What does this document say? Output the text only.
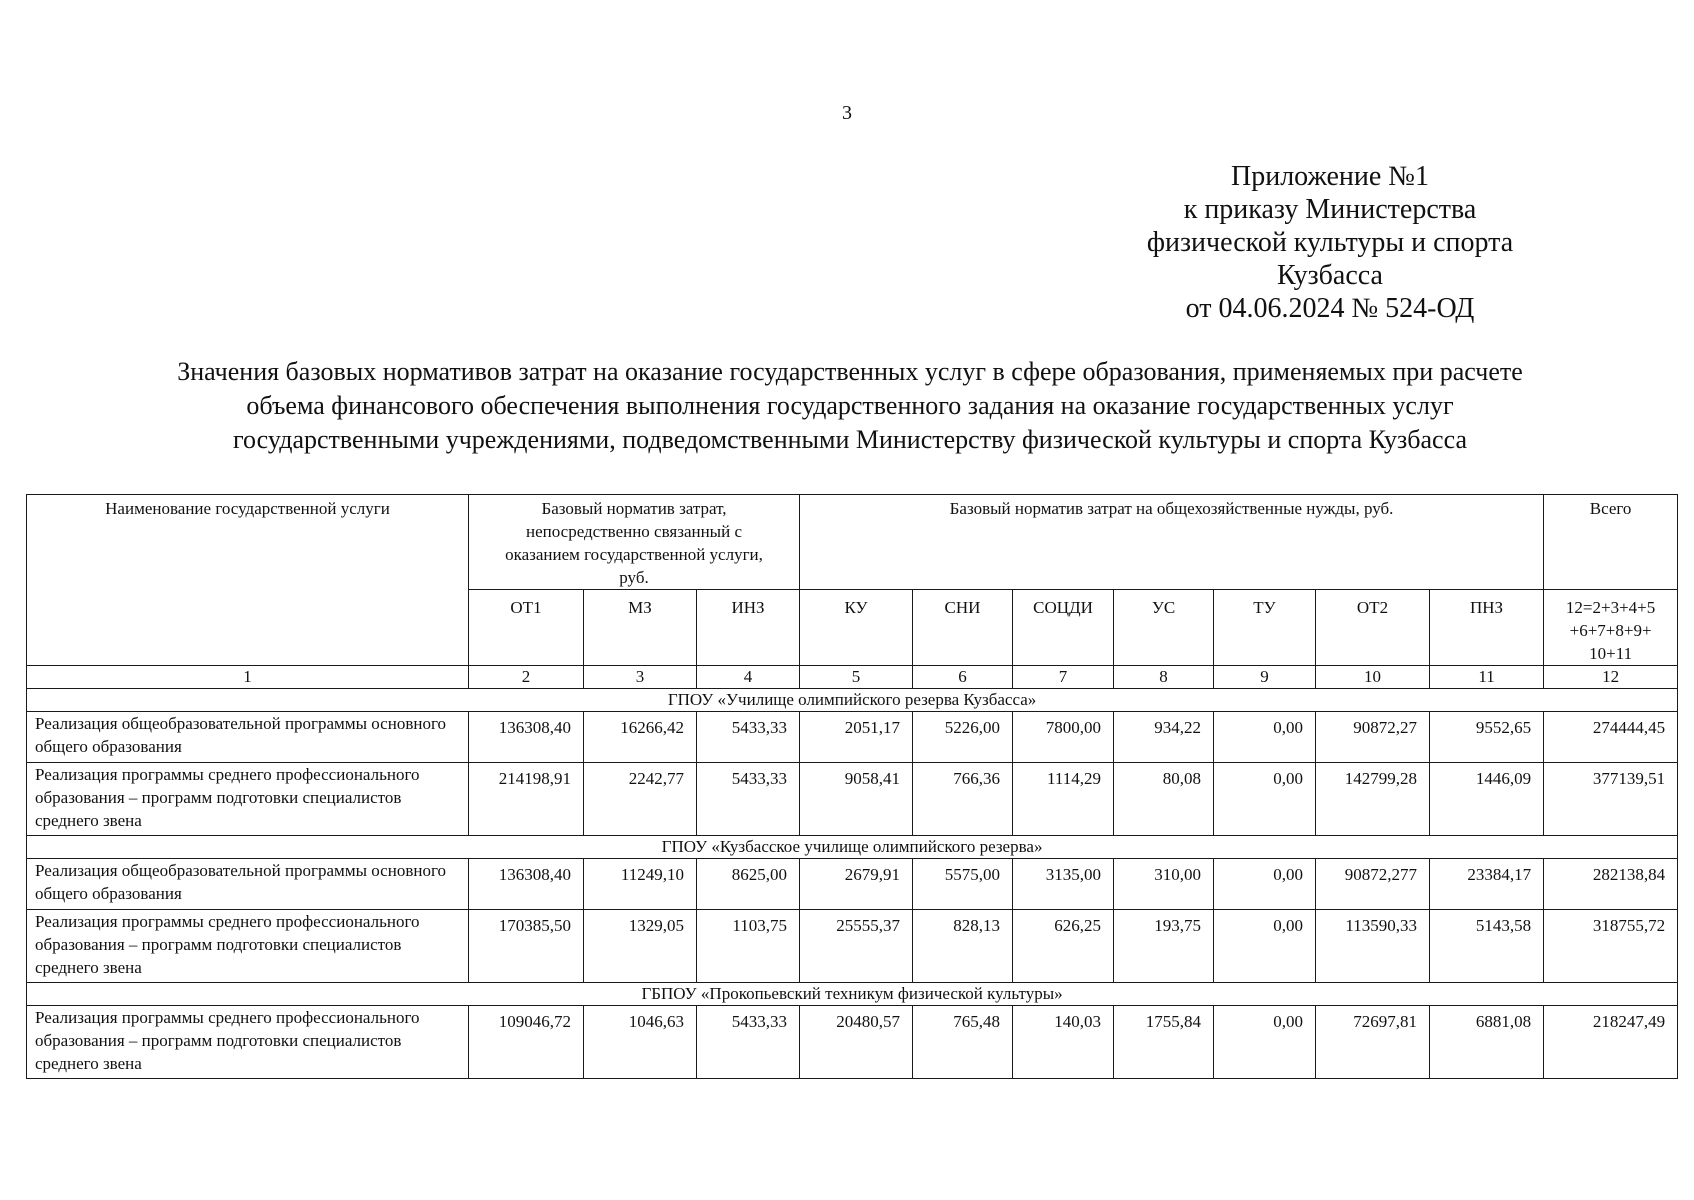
3
Приложение №1
к приказу Министерства
физической культуры и спорта
Кузбасса
от 04.06.2024 № 524-ОД
Значения базовых нормативов затрат на оказание государственных услуг в сфере образования, применяемых при расчете
объема финансового обеспечения выполнения государственного задания на оказание государственных услуг
государственными учреждениями, подведомственными Министерству физической культуры и спорта Кузбасса
Наименование государственной услуги	Базовый норматив затрат, непосредственно связанный с оказанием государственной услуги, руб.			Базовый норматив затрат на общехозяйственные нужды, руб.							Всего
	ОТ1	МЗ	ИНЗ	КУ	СНИ	СОЦДИ	УС	ТУ	ОТ2	ПНЗ	12=2+3+4+5 +6+7+8+9+ 10+11
1	2	3	4	5	6	7	8	9	10	11	12
ГПОУ «Училище олимпийского резерва Кузбасса»											
Реализация общеобразовательной программы основного общего образования	136308,40	16266,42	5433,33	2051,17	5226,00	7800,00	934,22	0,00	90872,27	9552,65	274444,45
Реализация программы среднего профессионального образования – программ подготовки специалистов среднего звена	214198,91	2242,77	5433,33	9058,41	766,36	1114,29	80,08	0,00	142799,28	1446,09	377139,51
ГПОУ «Кузбасское училище олимпийского резерва»											
Реализация общеобразовательной программы основного общего образования	136308,40	11249,10	8625,00	2679,91	5575,00	3135,00	310,00	0,00	90872,277	23384,17	282138,84
Реализация программы среднего профессионального образования – программ подготовки специалистов среднего звена	170385,50	1329,05	1103,75	25555,37	828,13	626,25	193,75	0,00	113590,33	5143,58	318755,72
ГБПОУ «Прокопьевский техникум физической культуры»											
Реализация программы среднего профессионального образования – программ подготовки специалистов среднего звена	109046,72	1046,63	5433,33	20480,57	765,48	140,03	1755,84	0,00	72697,81	6881,08	218247,49
